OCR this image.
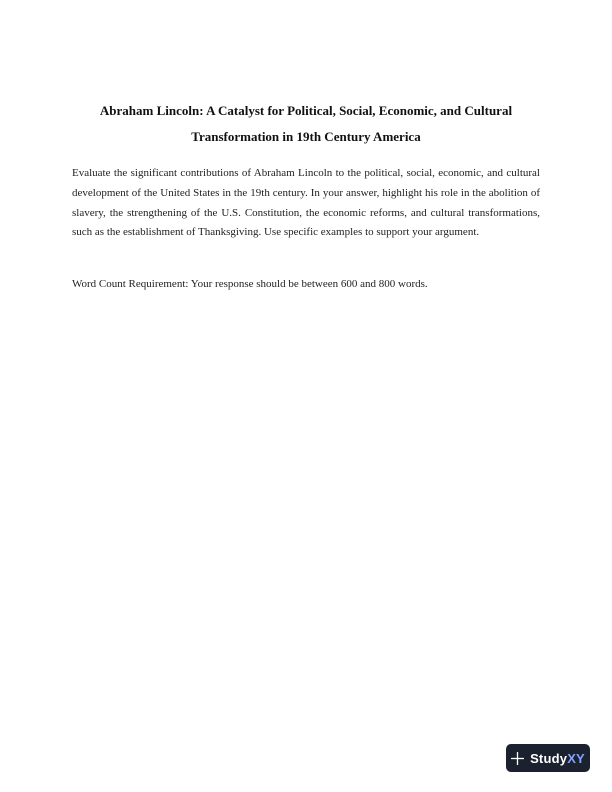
Abraham Lincoln: A Catalyst for Political, Social, Economic, and Cultural
Transformation in 19th Century America

Evaluate the significant contributions of Abraham Lincoln to the political, social, economic, and cultural development of the United States in the 19th century. In your answer, highlight his role in the abolition of slavery, the strengthening of the U.S. Constitution, the economic reforms, and cultural transformations, such as the establishment of Thanksgiving. Use specific examples to support your argument.

Word Count Requirement: Your response should be between 600 and 800 words.

StudyXY
